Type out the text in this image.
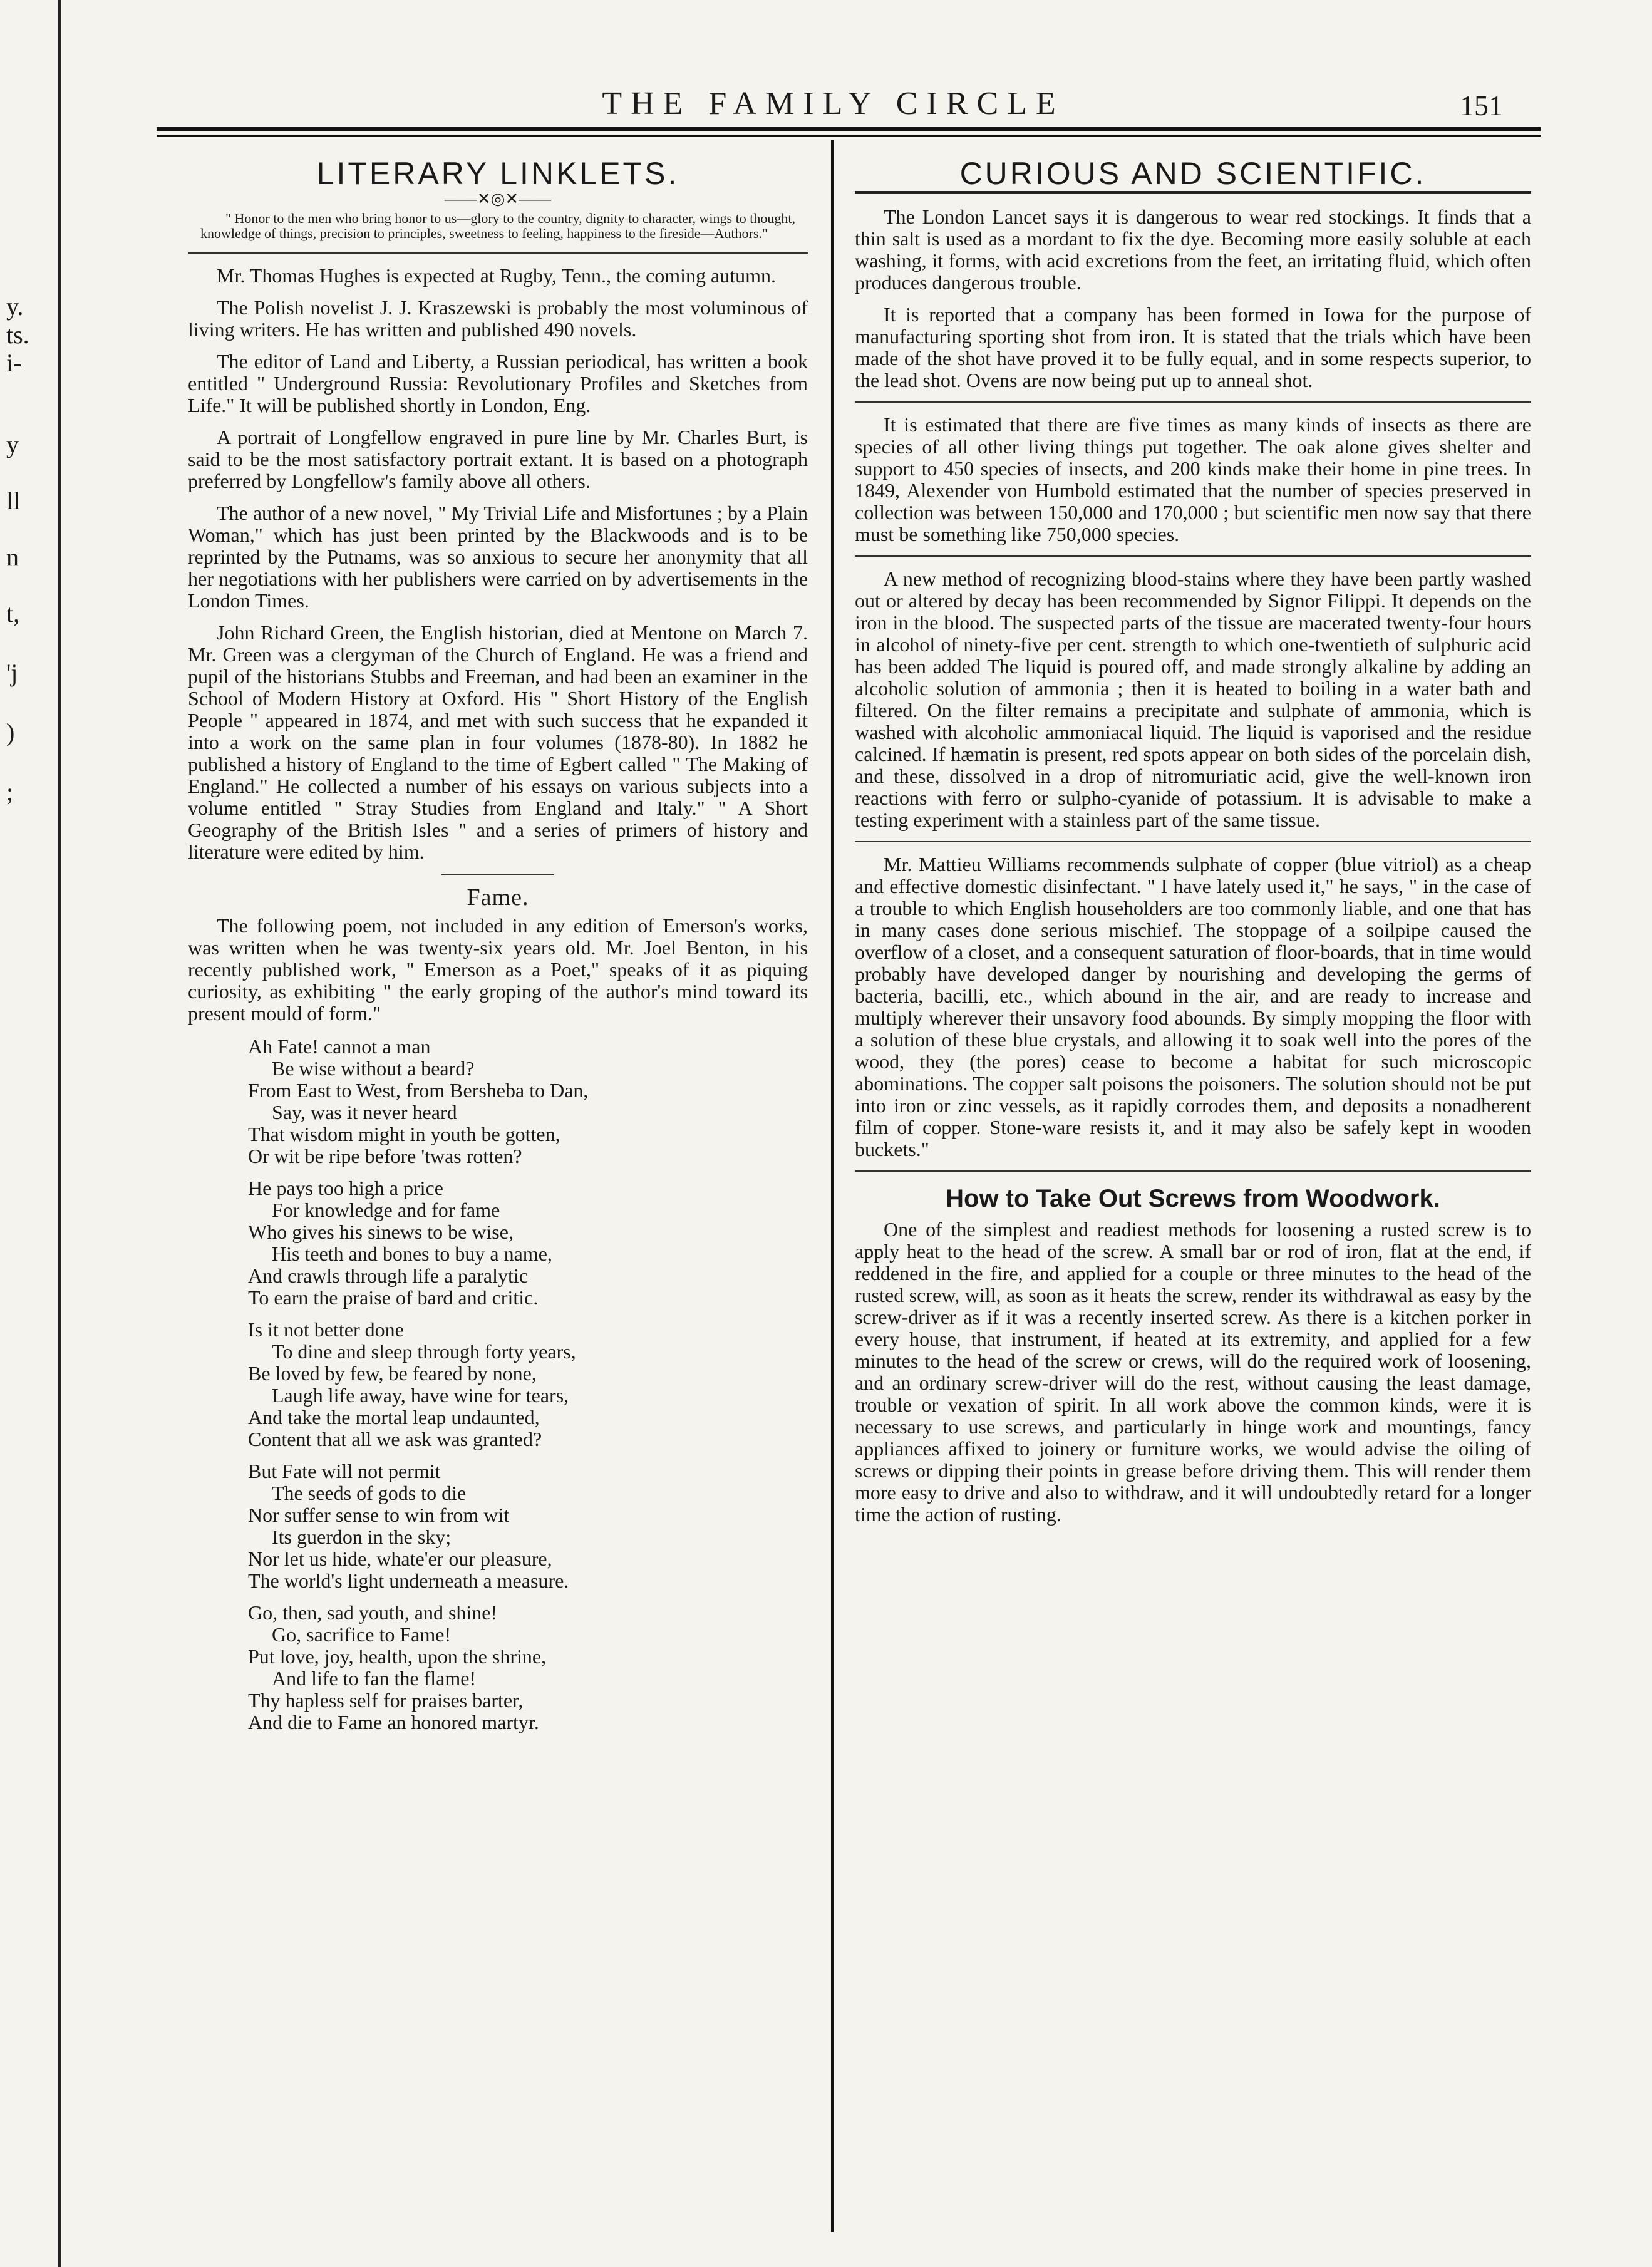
y.
ts.
i-
y
ll
n
t,
'j
)
;
THE FAMILY CIRCLE	151
LITERARY LINKLETS.
——✕◎✕——
" Honor to the men who bring honor to us—glory to the country, dignity to character, wings to thought, knowledge of things, precision to principles, sweetness to feeling, happiness to the fireside—Authors."

Mr. Thomas Hughes is expected at Rugby, Tenn., the coming autumn.

The Polish novelist J. J. Kraszewski is probably the most voluminous of living writers. He has written and published 490 novels.

The editor of Land and Liberty, a Russian periodical, has written a book entitled " Underground Russia: Revolutionary Profiles and Sketches from Life." It will be published shortly in London, Eng.

A portrait of Longfellow engraved in pure line by Mr. Charles Burt, is said to be the most satisfactory portrait extant. It is based on a photograph preferred by Longfellow's family above all others.

The author of a new novel, " My Trivial Life and Misfortunes ; by a Plain Woman," which has just been printed by the Blackwoods and is to be reprinted by the Putnams, was so anxious to secure her anonymity that all her negotiations with her publishers were carried on by advertisements in the London Times.

John Richard Green, the English historian, died at Mentone on March 7. Mr. Green was a clergyman of the Church of England. He was a friend and pupil of the historians Stubbs and Freeman, and had been an examiner in the School of Modern History at Oxford. His " Short History of the English People " appeared in 1874, and met with such success that he expanded it into a work on the same plan in four volumes (1878-80). In 1882 he published a history of England to the time of Egbert called " The Making of England." He collected a number of his essays on various subjects into a volume entitled " Stray Studies from England and Italy." " A Short Geography of the British Isles " and a series of primers of history and literature were edited by him.

Fame.

The following poem, not included in any edition of Emerson's works, was written when he was twenty-six years old. Mr. Joel Benton, in his recently published work, " Emerson as a Poet," speaks of it as piquing curiosity, as exhibiting " the early groping of the author's mind toward its present mould of form."

Ah Fate! cannot a man
Be wise without a beard?
From East to West, from Bersheba to Dan,
Say, was it never heard
That wisdom might in youth be gotten,
Or wit be ripe before 'twas rotten?
He pays too high a price
For knowledge and for fame
Who gives his sinews to be wise,
His teeth and bones to buy a name,
And crawls through life a paralytic
To earn the praise of bard and critic.
Is it not better done
To dine and sleep through forty years,
Be loved by few, be feared by none,
Laugh life away, have wine for tears,
And take the mortal leap undaunted,
Content that all we ask was granted?
But Fate will not permit
The seeds of gods to die
Nor suffer sense to win from wit
Its guerdon in the sky;
Nor let us hide, whate'er our pleasure,
The world's light underneath a measure.
Go, then, sad youth, and shine!
Go, sacrifice to Fame!
Put love, joy, health, upon the shrine,
And life to fan the flame!
Thy hapless self for praises barter,
And die to Fame an honored martyr.
CURIOUS AND SCIENTIFIC.

The London Lancet says it is dangerous to wear red stockings. It finds that a thin salt is used as a mordant to fix the dye. Becoming more easily soluble at each washing, it forms, with acid excretions from the feet, an irritating fluid, which often produces dangerous trouble.

It is reported that a company has been formed in Iowa for the purpose of manufacturing sporting shot from iron. It is stated that the trials which have been made of the shot have proved it to be fully equal, and in some respects superior, to the lead shot. Ovens are now being put up to anneal shot.

It is estimated that there are five times as many kinds of insects as there are species of all other living things put together. The oak alone gives shelter and support to 450 species of insects, and 200 kinds make their home in pine trees. In 1849, Alexender von Humbold estimated that the number of species preserved in collection was between 150,000 and 170,000 ; but scientific men now say that there must be something like 750,000 species.

A new method of recognizing blood-stains where they have been partly washed out or altered by decay has been recommended by Signor Filippi. It depends on the iron in the blood. The suspected parts of the tissue are macerated twenty-four hours in alcohol of ninety-five per cent. strength to which one-twentieth of sulphuric acid has been added The liquid is poured off, and made strongly alkaline by adding an alcoholic solution of ammonia ; then it is heated to boiling in a water bath and filtered. On the filter remains a precipitate and sulphate of ammonia, which is washed with alcoholic ammoniacal liquid. The liquid is vaporised and the residue calcined. If hæmatin is present, red spots appear on both sides of the porcelain dish, and these, dissolved in a drop of nitromuriatic acid, give the well-known iron reactions with ferro or sulpho-cyanide of potassium. It is advisable to make a testing experiment with a stainless part of the same tissue.

Mr. Mattieu Williams recommends sulphate of copper (blue vitriol) as a cheap and effective domestic disinfectant. " I have lately used it," he says, " in the case of a trouble to which English householders are too commonly liable, and one that has in many cases done serious mischief. The stoppage of a soilpipe caused the overflow of a closet, and a consequent saturation of floor-boards, that in time would probably have developed danger by nourishing and developing the germs of bacteria, bacilli, etc., which abound in the air, and are ready to increase and multiply wherever their unsavory food abounds. By simply mopping the floor with a solution of these blue crystals, and allowing it to soak well into the pores of the wood, they (the pores) cease to become a habitat for such microscopic abominations. The copper salt poisons the poisoners. The solution should not be put into iron or zinc vessels, as it rapidly corrodes them, and deposits a nonadherent film of copper. Stone-ware resists it, and it may also be safely kept in wooden buckets."

How to Take Out Screws from Woodwork.

One of the simplest and readiest methods for loosening a rusted screw is to apply heat to the head of the screw. A small bar or rod of iron, flat at the end, if reddened in the fire, and applied for a couple or three minutes to the head of the rusted screw, will, as soon as it heats the screw, render its withdrawal as easy by the screw-driver as if it was a recently inserted screw. As there is a kitchen porker in every house, that instrument, if heated at its extremity, and applied for a few minutes to the head of the screw or crews, will do the required work of loosening, and an ordinary screw-driver will do the rest, without causing the least damage, trouble or vexation of spirit. In all work above the common kinds, were it is necessary to use screws, and particularly in hinge work and mountings, fancy appliances affixed to joinery or furniture works, we would advise the oiling of screws or dipping their points in grease before driving them. This will render them more easy to drive and also to withdraw, and it will undoubtedly retard for a longer time the action of rusting.
